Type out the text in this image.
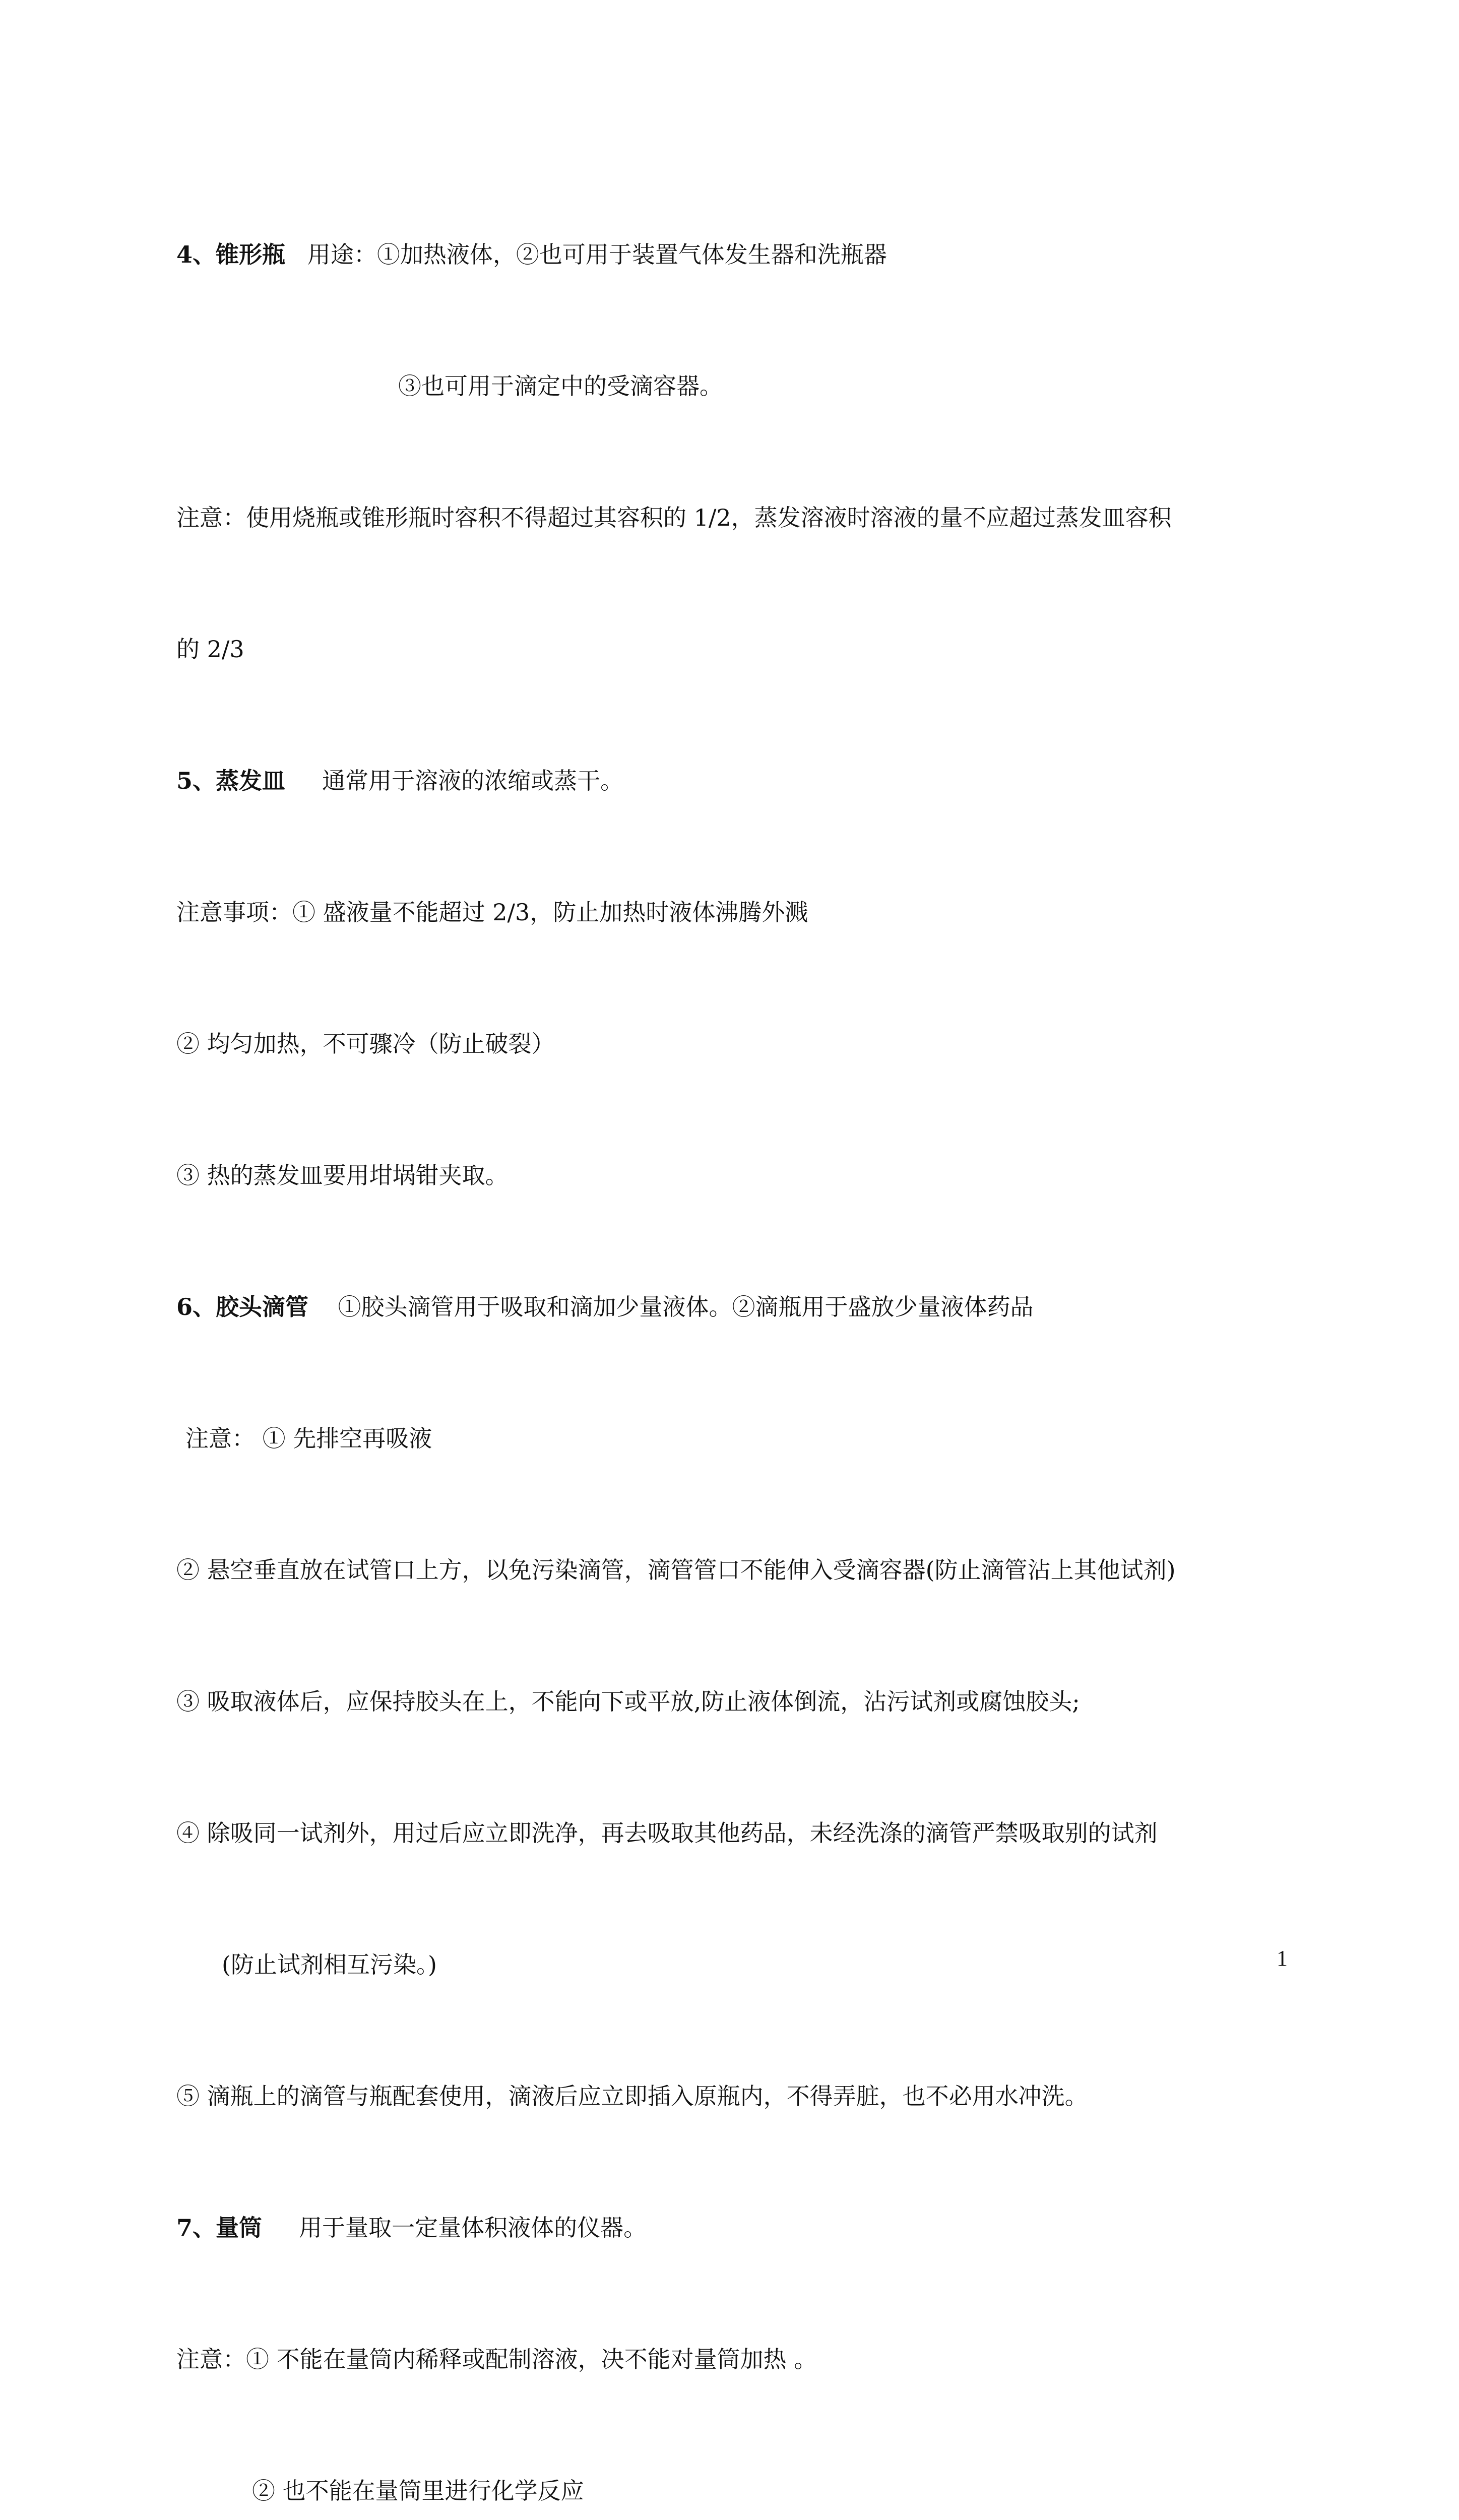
4、锥形瓶   用途：①加热液体，②也可用于装置气体发生器和洗瓶器

③也可用于滴定中的受滴容器。

注意：使用烧瓶或锥形瓶时容积不得超过其容积的 1/2，蒸发溶液时溶液的量不应超过蒸发皿容积

的 2/3

5、蒸发皿     通常用于溶液的浓缩或蒸干。

注意事项：① 盛液量不能超过 2/3，防止加热时液体沸腾外溅

② 均匀加热，不可骤冷（防止破裂）

③ 热的蒸发皿要用坩埚钳夹取。

6、胶头滴管    ①胶头滴管用于吸取和滴加少量液体。②滴瓶用于盛放少量液体药品

注意： ① 先排空再吸液

② 悬空垂直放在试管口上方，以免污染滴管，滴管管口不能伸入受滴容器(防止滴管沾上其他试剂)

③ 吸取液体后，应保持胶头在上，不能向下或平放,防止液体倒流，沾污试剂或腐蚀胶头;

④ 除吸同一试剂外，用过后应立即洗净，再去吸取其他药品，未经洗涤的滴管严禁吸取别的试剂

(防止试剂相互污染。)

⑤ 滴瓶上的滴管与瓶配套使用，滴液后应立即插入原瓶内，不得弄脏，也不必用水冲洗。

7、量筒     用于量取一定量体积液体的仪器。

注意：① 不能在量筒内稀释或配制溶液，决不能对量筒加热 。

② 也不能在量筒里进行化学反应

1
